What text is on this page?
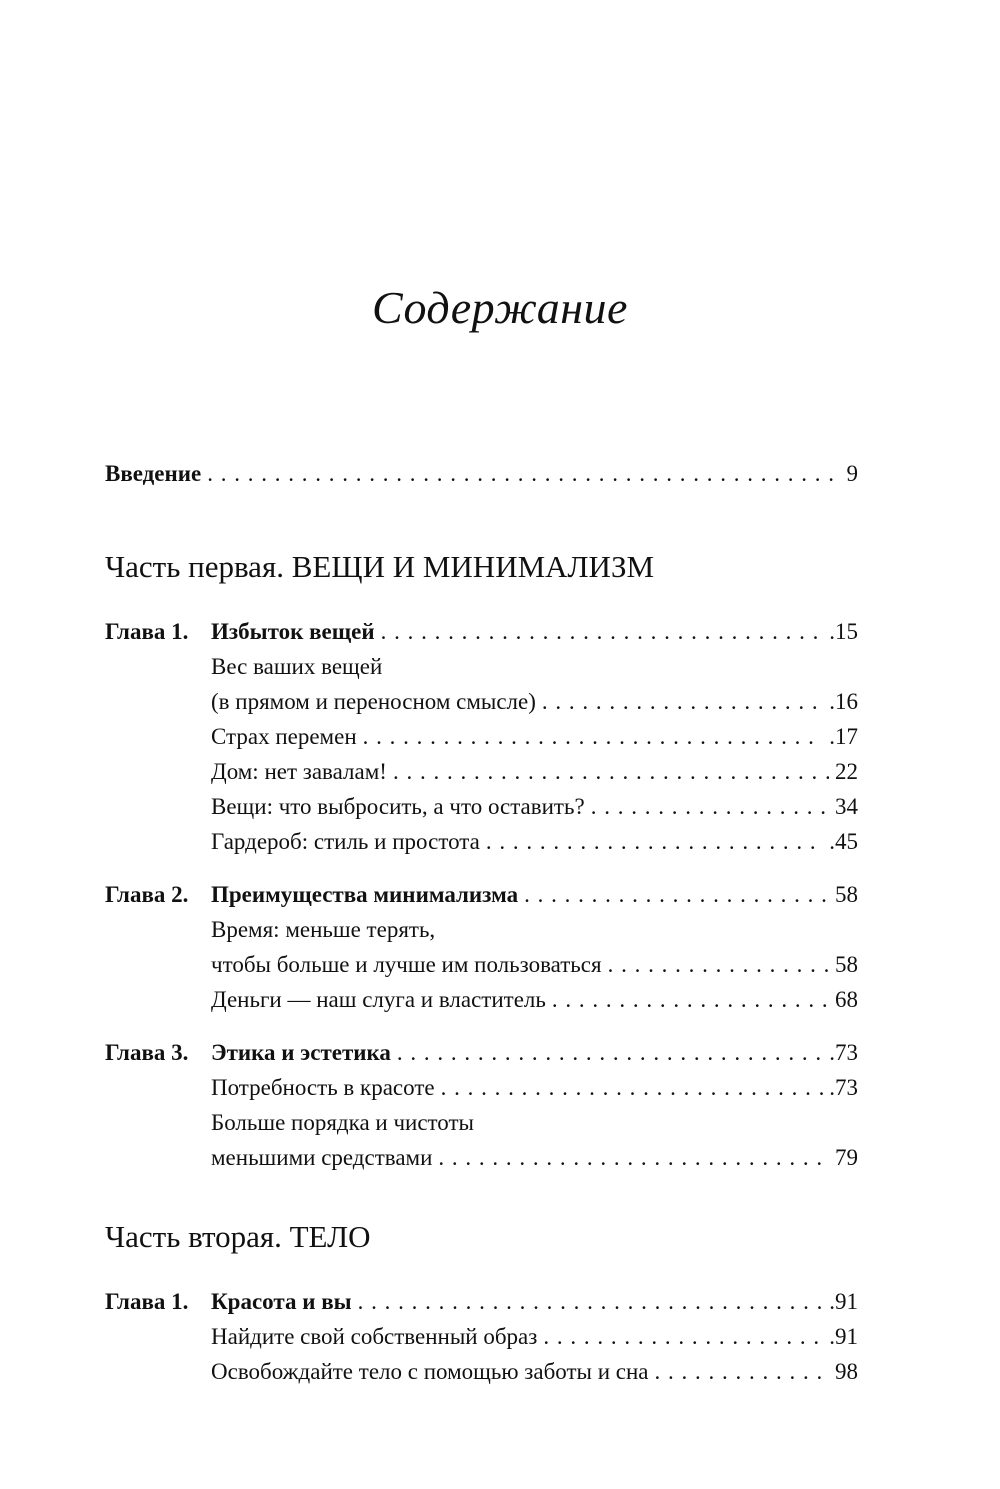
Содержание
Введение . . .	9
Часть первая. ВЕЩИ И МИНИМАЛИЗМ
Глава 1. Избыток вещей . . .	.15
Вес ваших вещей
(в прямом и переносном смысле) . . .	.16
Страх перемен . . .	.17
Дом: нет завалам! . . .	22
Вещи: что выбросить, а что оставить? . . .	34
Гардероб: стиль и простота . . .	.45
Глава 2. Преимущества минимализма . . .	58
Время: меньше терять,
чтобы больше и лучше им пользоваться . . .	58
Деньги — наш слуга и властитель . . .	68
Глава 3. Этика и эстетика . . .	.73
Потребность в красоте . . .	.73
Больше порядка и чистоты
меньшими средствами . . .	79
Часть вторая. ТЕЛО
Глава 1. Красота и вы . . .	.91
Найдите свой собственный образ . . .	.91
Освобождайте тело с помощью заботы и сна . . .	98
